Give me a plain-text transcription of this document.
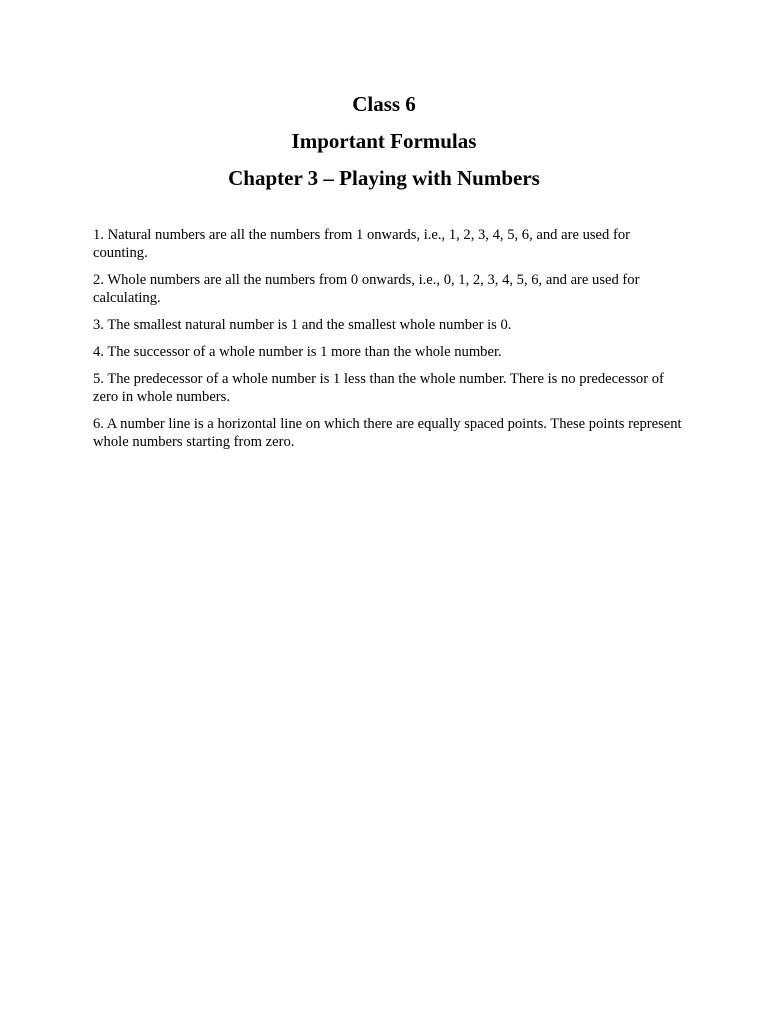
Class 6

Important Formulas

Chapter 3 – Playing with Numbers

1. Natural numbers are all the numbers from 1 onwards, i.e., 1, 2, 3, 4, 5, 6, and are used for counting.

2. Whole numbers are all the numbers from 0 onwards, i.e., 0, 1, 2, 3, 4, 5, 6, and are used for calculating.

3. The smallest natural number is 1 and the smallest whole number is 0.

4. The successor of a whole number is 1 more than the whole number.

5. The predecessor of a whole number is 1 less than the whole number. There is no predecessor of zero in whole numbers.

6. A number line is a horizontal line on which there are equally spaced points. These points represent whole numbers starting from zero.
